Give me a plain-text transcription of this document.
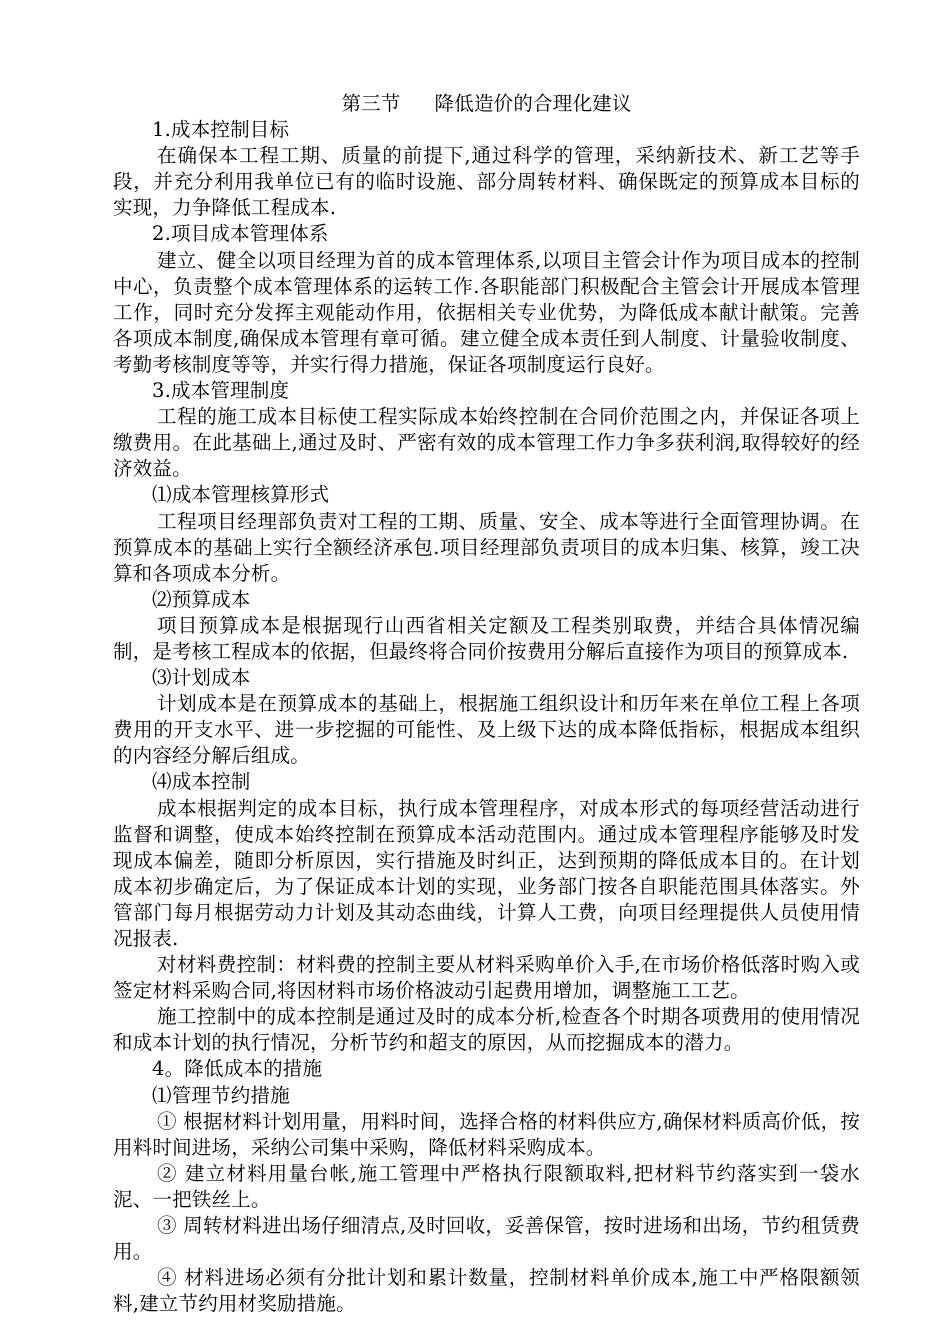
第三节 降低造价的合理化建议

1.成本控制目标

在确保本工程工期、质量的前提下,通过科学的管理，采纳新技术、新工艺等手段，并充分利用我单位已有的临时设施、部分周转材料、确保既定的预算成本目标的实现，力争降低工程成本.

2.项目成本管理体系

建立、健全以项目经理为首的成本管理体系,以项目主管会计作为项目成本的控制中心，负责整个成本管理体系的运转工作.各职能部门积极配合主管会计开展成本管理工作，同时充分发挥主观能动作用，依据相关专业优势，为降低成本献计献策。完善各项成本制度,确保成本管理有章可循。建立健全成本责任到人制度、计量验收制度、考勤考核制度等等，并实行得力措施，保证各项制度运行良好。

3.成本管理制度

工程的施工成本目标使工程实际成本始终控制在合同价范围之内，并保证各项上缴费用。在此基础上,通过及时、严密有效的成本管理工作力争多获利润,取得较好的经济效益。

⑴成本管理核算形式

工程项目经理部负责对工程的工期、质量、安全、成本等进行全面管理协调。在预算成本的基础上实行全额经济承包.项目经理部负责项目的成本归集、核算，竣工决算和各项成本分析。

⑵预算成本

项目预算成本是根据现行山西省相关定额及工程类别取费，并结合具体情况编制，是考核工程成本的依据，但最终将合同价按费用分解后直接作为项目的预算成本.

⑶计划成本

计划成本是在预算成本的基础上，根据施工组织设计和历年来在单位工程上各项费用的开支水平、进一步挖掘的可能性、及上级下达的成本降低指标，根据成本组织的内容经分解后组成。

⑷成本控制

成本根据判定的成本目标，执行成本管理程序，对成本形式的每项经营活动进行监督和调整，使成本始终控制在预算成本活动范围内。通过成本管理程序能够及时发现成本偏差，随即分析原因，实行措施及时纠正，达到预期的降低成本目的。在计划成本初步确定后，为了保证成本计划的实现，业务部门按各自职能范围具体落实。外管部门每月根据劳动力计划及其动态曲线，计算人工费，向项目经理提供人员使用情况报表.

对材料费控制：材料费的控制主要从材料采购单价入手,在市场价格低落时购入或签定材料采购合同,将因材料市场价格波动引起费用增加，调整施工工艺。

施工控制中的成本控制是通过及时的成本分析,检查各个时期各项费用的使用情况和成本计划的执行情况，分析节约和超支的原因，从而挖掘成本的潜力。

4。降低成本的措施

⑴管理节约措施

① 根据材料计划用量，用料时间，选择合格的材料供应方,确保材料质高价低，按用料时间进场，采纳公司集中采购，降低材料采购成本。

② 建立材料用量台帐,施工管理中严格执行限额取料,把材料节约落实到一袋水泥、一把铁丝上。

③ 周转材料进出场仔细清点,及时回收，妥善保管，按时进场和出场，节约租赁费用。

④ 材料进场必须有分批计划和累计数量，控制材料单价成本,施工中严格限额领料,建立节约用材奖励措施。
